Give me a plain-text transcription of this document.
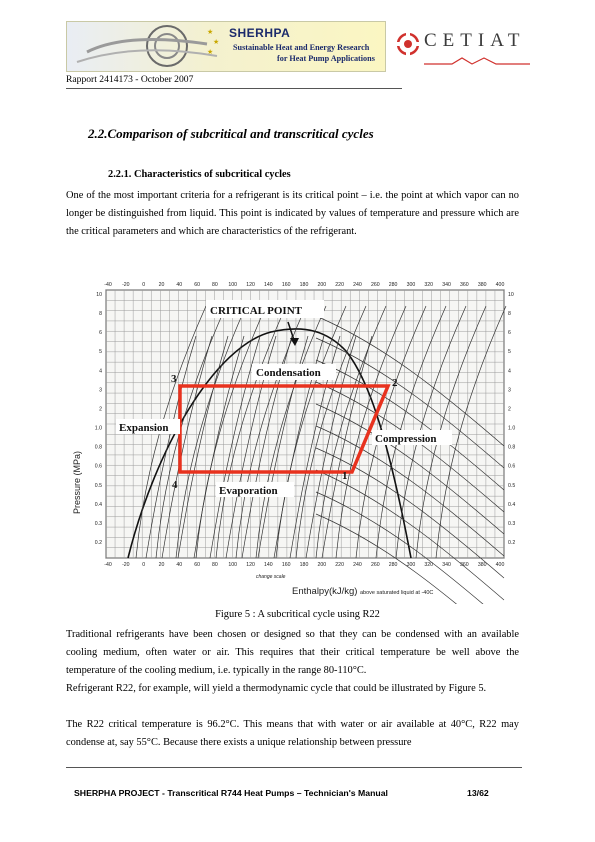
★
★
★
SHERHPA
Sustainable Heat and Energy Research
for Heat Pump Applications
CETIAT
Rapport 2414173 - October 2007
2.2.Comparison of subcritical and transcritical cycles
2.2.1. Characteristics of subcritical cycles
One of the most important criteria for a refrigerant is its critical point – i.e. the point at which vapor can no longer be distinguished from liquid. This point is indicated by values of temperature and pressure which are the critical parameters and which are characteristics of the refrigerant.
CRITICAL POINT
Condensation
Expansion
Compression
Evaporation
3	2
1
4
-40 -20 0	20 40 60 80 100 120 140 160 180 200 220 240 260 280 300 320 340 360 380 400
-40 -20 0	20 40 60 80 100 120 140 160 180 200 220 240 260 280 300 320 340 360 380 400
10
8
6
5
4
3
2
1.0
0.8
0.6
0.5
0.4
0.3
0.2
10
8
6
5
4
3
2
1.0
0.8
0.6
0.5
0.4
0.3
0.2
Pressure (MPa)
Enthalpy(kJ/kg) above saturated liquid at -40C
change scale
Figure 5 : A subcritical cycle using R22
Traditional refrigerants have been chosen or designed so that they can be condensed with an available cooling medium, often water or air. This requires that their critical temperature be well above the temperature of the cooling medium, i.e. typically in the range 80-110°C.
Refrigerant R22, for example, will yield a thermodynamic cycle that could be illustrated by Figure 5.
The R22 critical temperature is 96.2°C. This means that with water or air available at 40°C, R22 may condense at, say 55°C. Because there exists a unique relationship between pressure
SHERPHA PROJECT - Transcritical R744 Heat Pumps – Technician's Manual	13/62
